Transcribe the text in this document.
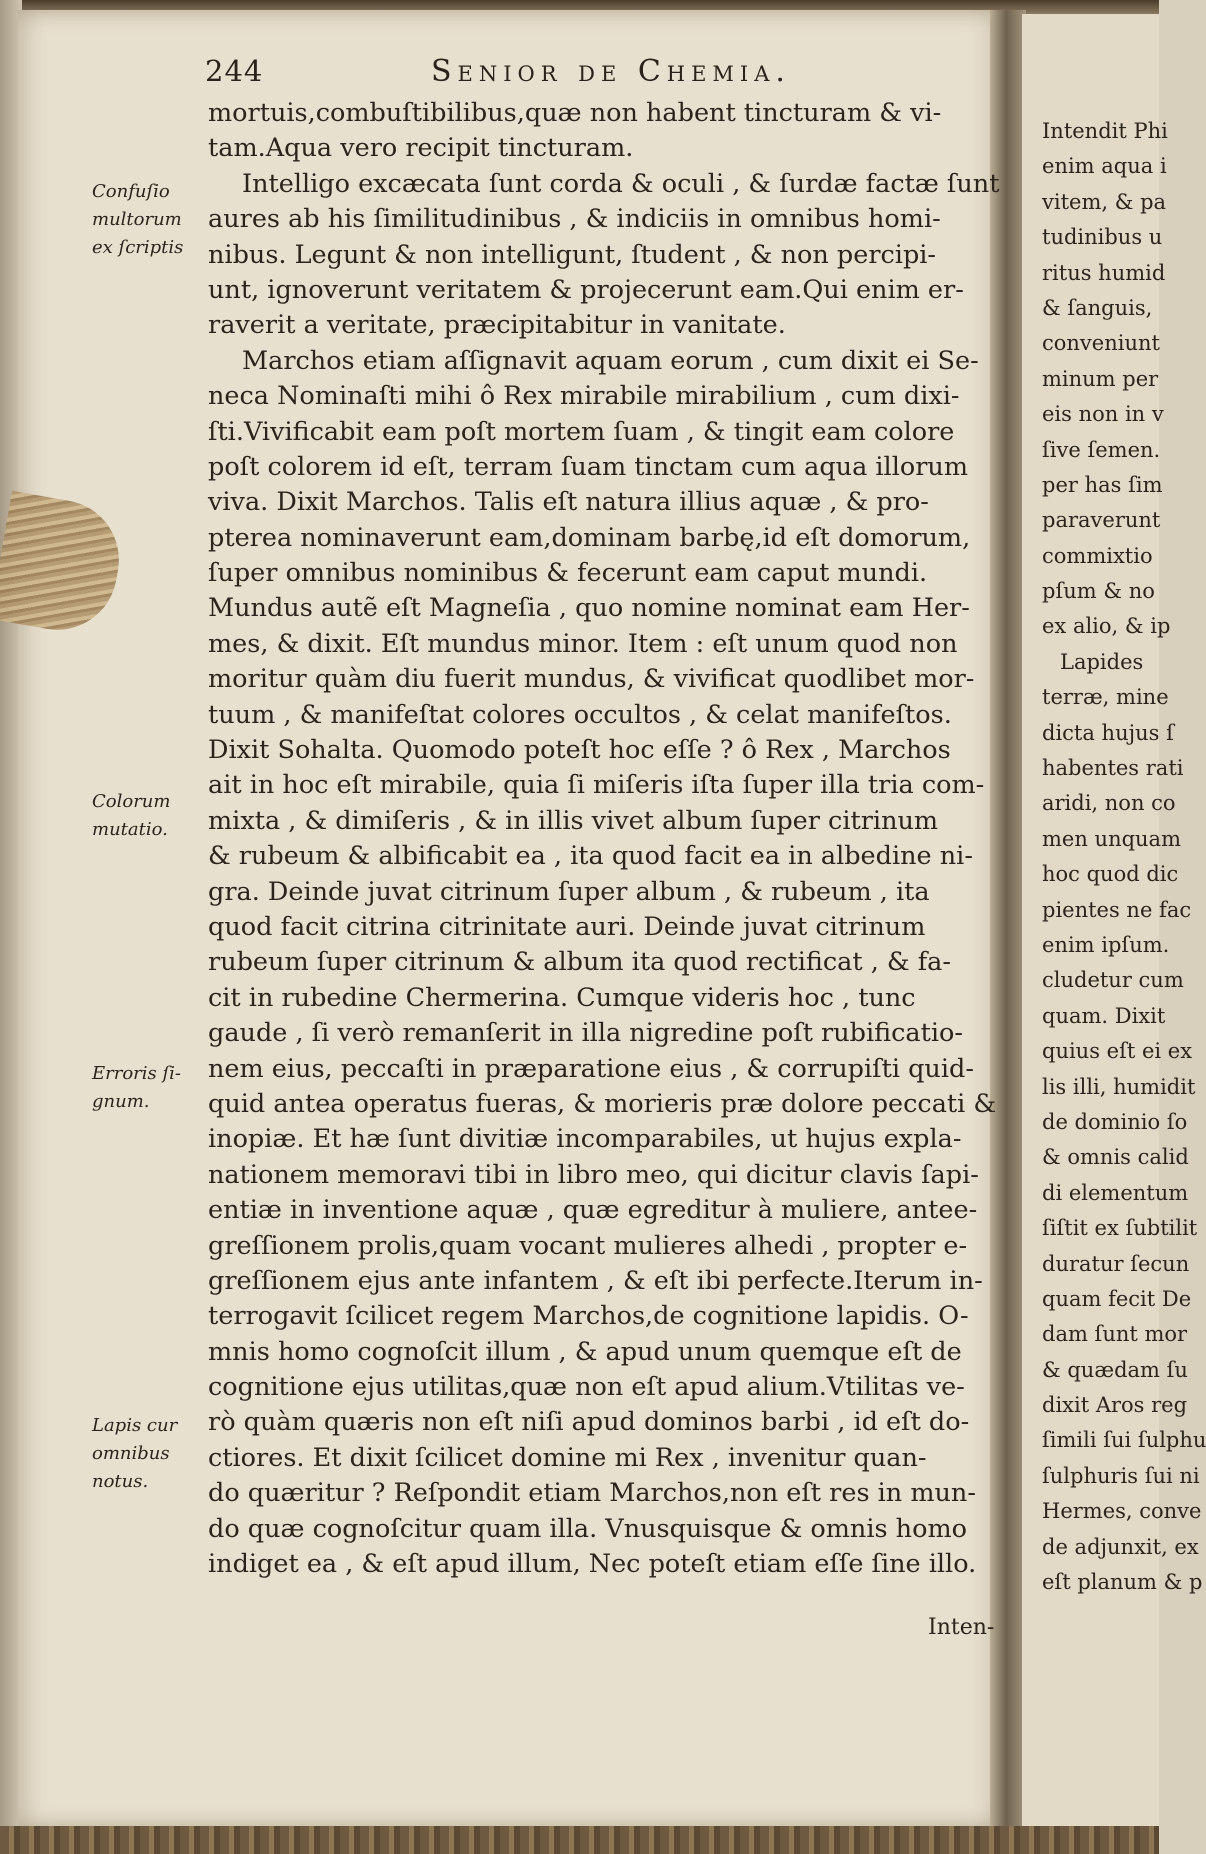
Intendit Phi
enim aqua i
vitem, & pa
tudinibus u
ritus humid
& ſanguis,
conveniunt
minum per
eis non in v
ſive ſemen.
per has ſim
paraverunt
commixtio
pſum & no
ex alio, & ip
Lapides
terræ, mine
dicta hujus ſ
habentes rati
aridi, non co
men unquam
hoc quod dic
pientes ne fac
enim ipſum.
cludetur cum
quam. Dixit
quius eſt ei ex
lis illi, humidit
de dominio ſo
& omnis calid
di elementum
ſiſtit ex ſubtilit
duratur ſecun
quam fecit De
dam ſunt mor
& quædam ſu
dixit Aros reg
ſimili ſui ſulphu
ſulphuris ſui ni
Hermes, conve
de adjunxit, ex
eſt planum & p
244	Senior de Chemia.
mortuis,combuſtibilibus,quæ non habent tincturam & vi-
tam.Aqua vero recipit tincturam.
Intelligo excæcata ſunt corda & oculi , & ſurdæ factæ ſunt
aures ab his ſimilitudinibus , & indiciis in omnibus homi-
nibus. Legunt & non intelligunt, ſtudent , & non percipi-
unt, ignoverunt veritatem & projecerunt eam.Qui enim er-
raverit a veritate, præcipitabitur in vanitate.
Marchos etiam aſſignavit aquam eorum , cum dixit ei Se-
neca Nominaſti mihi ô Rex mirabile mirabilium , cum dixi-
ſti.Vivificabit eam poſt mortem ſuam , & tingit eam colore
poſt colorem id eſt, terram ſuam tinctam cum aqua illorum
viva. Dixit Marchos. Talis eſt natura illius aquæ , & pro-
pterea nominaverunt eam,dominam barbę,id eſt domorum,
ſuper omnibus nominibus & fecerunt eam caput mundi.
Mundus autẽ eſt Magneſia , quo nomine nominat eam Her-
mes, & dixit. Eſt mundus minor. Item : eſt unum quod non
moritur quàm diu fuerit mundus, & vivificat quodlibet mor-
tuum , & manifeſtat colores occultos , & celat manifeſtos.
Dixit Sohalta. Quomodo poteſt hoc eſſe ? ô Rex , Marchos
ait in hoc eſt mirabile, quia ſi miſeris iſta ſuper illa tria com-
mixta , & dimiſeris , & in illis vivet album ſuper citrinum
& rubeum & albificabit ea , ita quod facit ea in albedine ni-
gra. Deinde juvat citrinum ſuper album , & rubeum , ita
quod facit citrina citrinitate auri. Deinde juvat citrinum
rubeum ſuper citrinum & album ita quod rectificat , & fa-
cit in rubedine Chermerina. Cumque videris hoc , tunc
gaude , ſi verò remanſerit in illa nigredine poſt rubificatio-
nem eius, peccaſti in præparatione eius , & corrupiſti quid-
quid antea operatus fueras, & morieris præ dolore peccati &
inopiæ. Et hæ ſunt divitiæ incomparabiles, ut hujus expla-
nationem memoravi tibi in libro meo, qui dicitur clavis ſapi-
entiæ in inventione aquæ , quæ egreditur à muliere, antee-
greſſionem prolis,quam vocant mulieres alhedi , propter e-
greſſionem ejus ante infantem , & eſt ibi perfecte.Iterum in-
terrogavit ſcilicet regem Marchos,de cognitione lapidis. O-
mnis homo cognoſcit illum , & apud unum quemque eſt de
cognitione ejus utilitas,quæ non eſt apud alium.Vtilitas ve-
rò quàm quæris non eſt niſi apud dominos barbi , id eſt do-
ctiores. Et dixit ſcilicet domine mi Rex , invenitur quan-
do quæritur ? Reſpondit etiam Marchos,non eſt res in mun-
do quæ cognoſcitur quam illa. Vnusquisque & omnis homo
indiget ea , & eſt apud illum, Nec poteſt etiam eſſe ſine illo.
Inten-
Confuſio
multorum
ex ſcriptis
Colorum
mutatio.
Erroris ſi-
gnum.
Lapis cur
omnibus
notus.
